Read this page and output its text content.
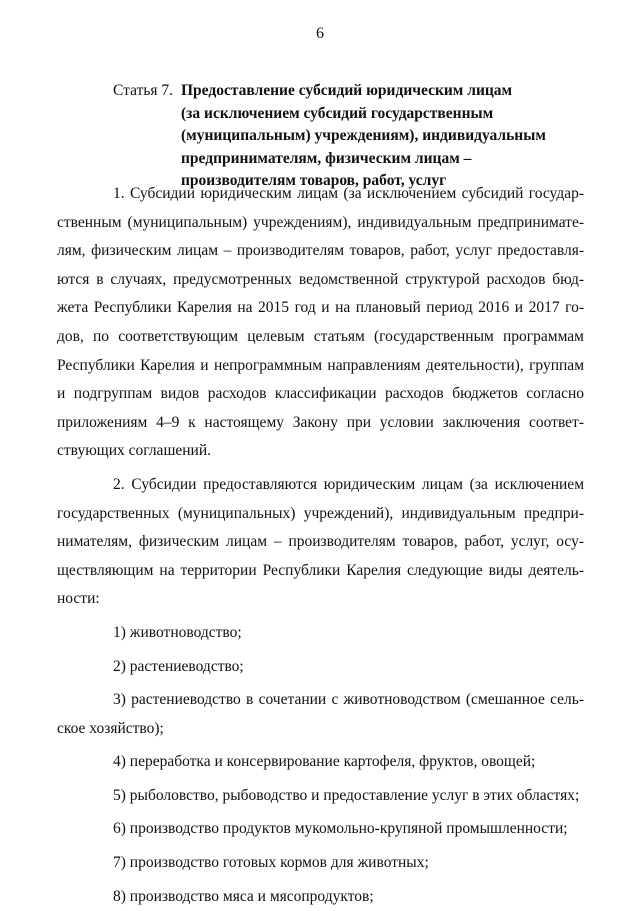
6
Статья 7. Предоставление субсидий юридическим лицам
(за исключением субсидий государственным
(муниципальным) учреждениям), индивидуальным
предпринимателям, физическим лицам –
производителям товаров, работ, услуг
1. Субсидии юридическим лицам (за исключением субсидий государ-
ственным (муниципальным) учреждениям), индивидуальным предпринимате-
лям, физическим лицам – производителям товаров, работ, услуг предоставля-
ются в случаях, предусмотренных ведомственной структурой расходов бюд-
жета Республики Карелия на 2015 год и на плановый период 2016 и 2017 го-
дов, по соответствующим целевым статьям (государственным программам
Республики Карелия и непрограммным направлениям деятельности), группам
и подгруппам видов расходов классификации расходов бюджетов согласно
приложениям 4–9 к настоящему Закону при условии заключения соответ-
ствующих соглашений.
2. Субсидии предоставляются юридическим лицам (за исключением
государственных (муниципальных) учреждений), индивидуальным предпри-
нимателям, физическим лицам – производителям товаров, работ, услуг, осу-
ществляющим на территории Республики Карелия следующие виды деятель-
ности:
1) животноводство;
2) растениеводство;
3) растениеводство в сочетании с животноводством (смешанное сель-
ское хозяйство);
4) переработка и консервирование картофеля, фруктов, овощей;
5) рыболовство, рыбоводство и предоставление услуг в этих областях;
6) производство продуктов мукомольно-крупяной промышленности;
7) производство готовых кормов для животных;
8) производство мяса и мясопродуктов;
